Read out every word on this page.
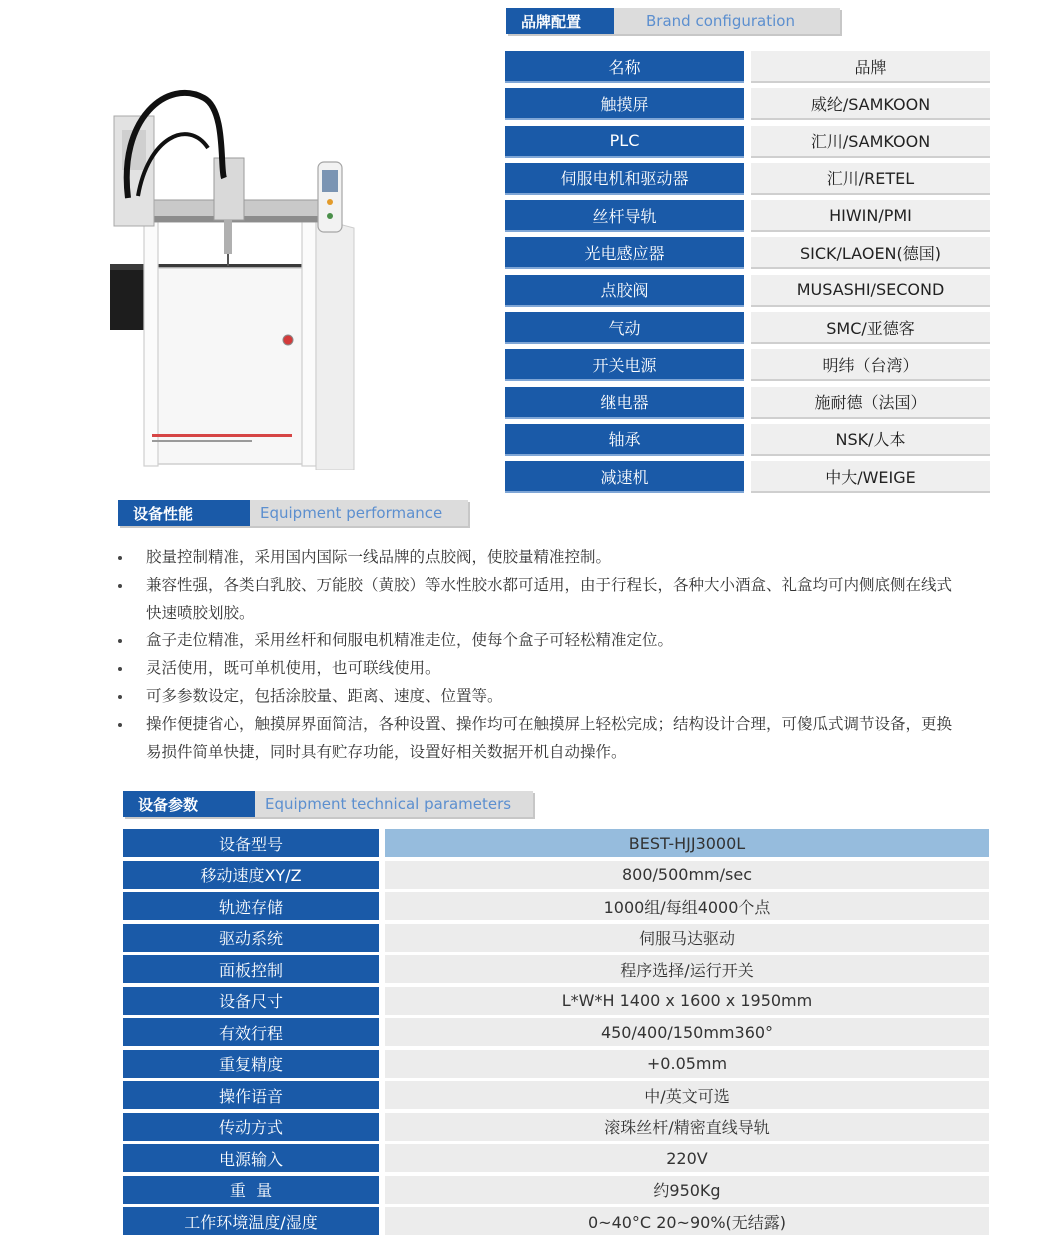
品牌配置	Brand configuration
名称	品牌
触摸屏	威纶/SAMKOON
PLC	汇川/SAMKOON
伺服电机和驱动器	汇川/RETEL
丝杆导轨	HIWIN/PMI
光电感应器	SICK/LAOEN(德国)
点胶阀	MUSASHI/SECOND
气动	SMC/亚德客
开关电源	明纬（台湾）
继电器	施耐德（法国）
轴承	NSK/人本
减速机	中大/WEIGE
设备性能	Equipment performance
胶量控制精准，采用国内国际一线品牌的点胶阀，使胶量精准控制。
兼容性强，各类白乳胶、万能胶（黄胶）等水性胶水都可适用，由于行程长，各种大小酒盒、礼盒均可内侧底侧在线式快速喷胶划胶。
盒子走位精准，采用丝杆和伺服电机精准走位，使每个盒子可轻松精准定位。
灵活使用，既可单机使用，也可联线使用。
可多参数设定，包括涂胶量、距离、速度、位置等。
操作便捷省心，触摸屏界面简洁，各种设置、操作均可在触摸屏上轻松完成；结构设计合理，可傻瓜式调节设备，更换易损件简单快捷，同时具有贮存功能，设置好相关数据开机自动操作。
设备参数	Equipment technical parameters
设备型号	BEST-HJJ3000L
移动速度XY/Z	800/500mm/sec
轨迹存储	1000组/每组4000个点
驱动系统	伺服马达驱动
面板控制	程序选择/运行开关
设备尺寸	L*W*H 1400 x 1600 x 1950mm
有效行程	450/400/150mm360°
重复精度	+0.05mm
操作语音	中/英文可选
传动方式	滚珠丝杆/精密直线导轨
电源输入	220V
重  量	约950Kg
工作环境温度/湿度	0~40°C 20~90%(无结露)
